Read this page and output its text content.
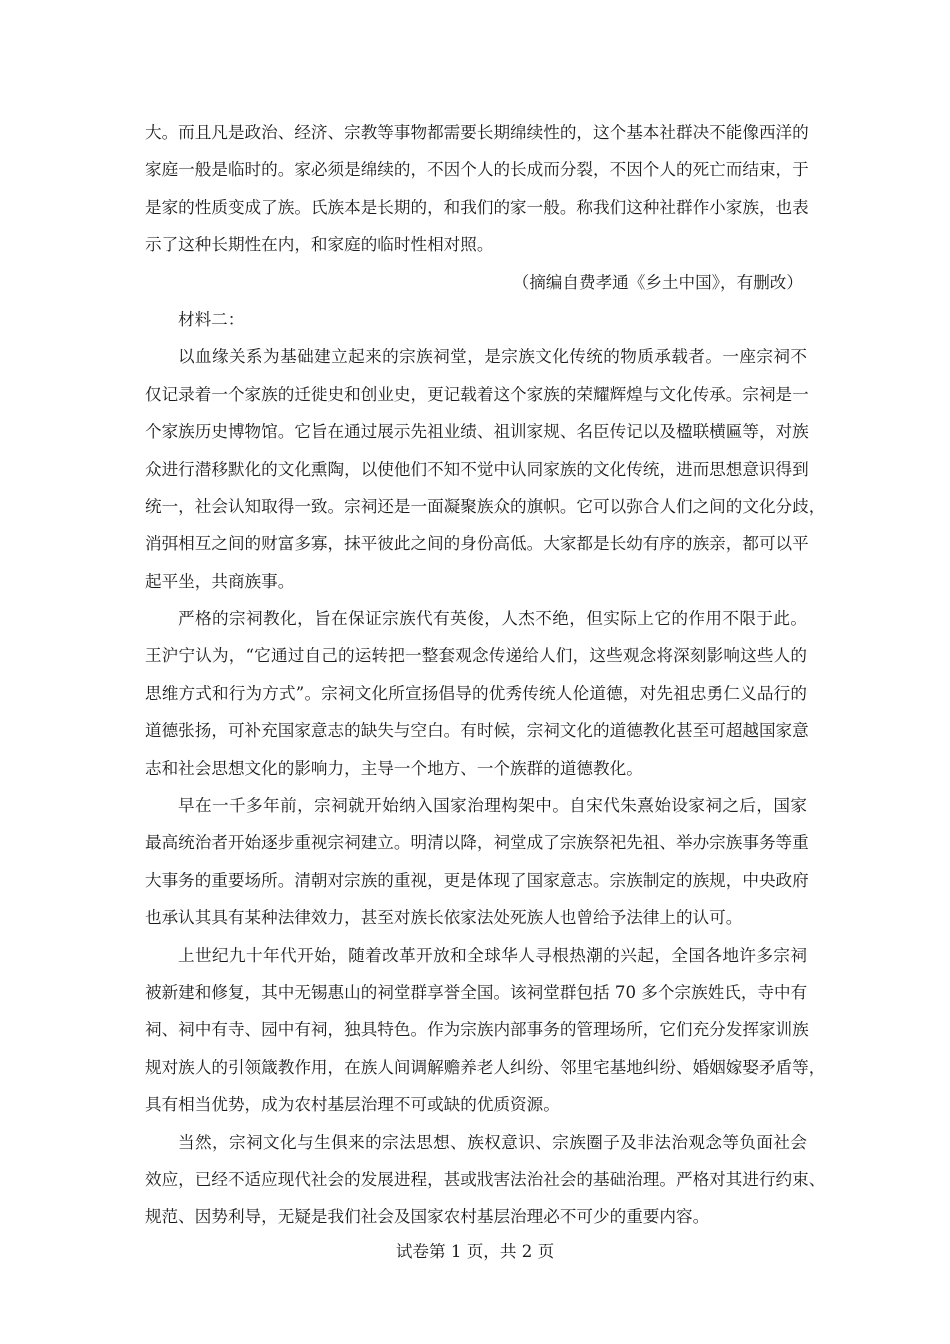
大。而且凡是政治、经济、宗教等事物都需要长期绵续性的，这个基本社群决不能像西洋的
家庭一般是临时的。家必须是绵续的，不因个人的长成而分裂，不因个人的死亡而结束，于
是家的性质变成了族。氏族本是长期的，和我们的家一般。称我们这种社群作小家族，也表
示了这种长期性在内，和家庭的临时性相对照。
（摘编自费孝通《乡土中国》，有删改）
材料二：
以血缘关系为基础建立起来的宗族祠堂，是宗族文化传统的物质承载者。一座宗祠不
仅记录着一个家族的迁徙史和创业史，更记载着这个家族的荣耀辉煌与文化传承。宗祠是一
个家族历史博物馆。它旨在通过展示先祖业绩、祖训家规、名臣传记以及楹联横匾等，对族
众进行潜移默化的文化熏陶，以使他们不知不觉中认同家族的文化传统，进而思想意识得到
统一，社会认知取得一致。宗祠还是一面凝聚族众的旗帜。它可以弥合人们之间的文化分歧，
消弭相互之间的财富多寡，抹平彼此之间的身份高低。大家都是长幼有序的族亲，都可以平
起平坐，共商族事。
严格的宗祠教化，旨在保证宗族代有英俊，人杰不绝，但实际上它的作用不限于此。
王沪宁认为，“它通过自己的运转把一整套观念传递给人们，这些观念将深刻影响这些人的
思维方式和行为方式”。宗祠文化所宣扬倡导的优秀传统人伦道德，对先祖忠勇仁义品行的
道德张扬，可补充国家意志的缺失与空白。有时候，宗祠文化的道德教化甚至可超越国家意
志和社会思想文化的影响力，主导一个地方、一个族群的道德教化。
早在一千多年前，宗祠就开始纳入国家治理构架中。自宋代朱熹始设家祠之后，国家
最高统治者开始逐步重视宗祠建立。明清以降，祠堂成了宗族祭祀先祖、举办宗族事务等重
大事务的重要场所。清朝对宗族的重视，更是体现了国家意志。宗族制定的族规，中央政府
也承认其具有某种法律效力，甚至对族长依家法处死族人也曾给予法律上的认可。
上世纪九十年代开始，随着改革开放和全球华人寻根热潮的兴起，全国各地许多宗祠
被新建和修复，其中无锡惠山的祠堂群享誉全国。该祠堂群包括 70 多个宗族姓氏，寺中有
祠、祠中有寺、园中有祠，独具特色。作为宗族内部事务的管理场所，它们充分发挥家训族
规对族人的引领箴教作用，在族人间调解赡养老人纠纷、邻里宅基地纠纷、婚姻嫁娶矛盾等，
具有相当优势，成为农村基层治理不可或缺的优质资源。
当然，宗祠文化与生俱来的宗法思想、族权意识、宗族圈子及非法治观念等负面社会
效应，已经不适应现代社会的发展进程，甚或戕害法治社会的基础治理。严格对其进行约束、
规范、因势利导，无疑是我们社会及国家农村基层治理必不可少的重要内容。
试卷第 1 页，共 2 页
